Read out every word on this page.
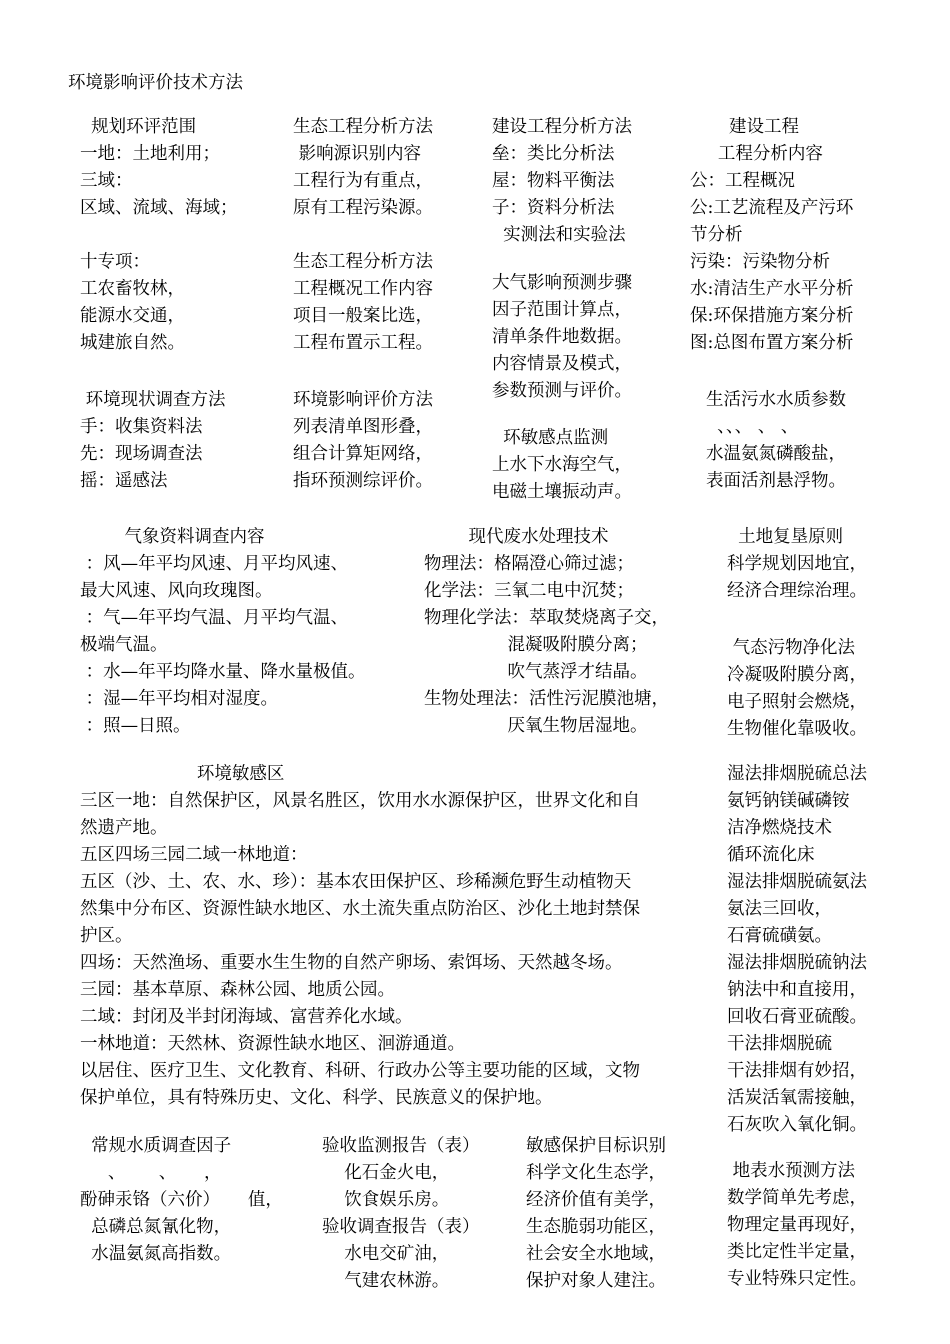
环境影响评价技术方法
规划环评范围
一地：土地利用；
三域：
区域、流域、海域；
十专项：
工农畜牧林，
能源水交通，
城建旅自然。
环境现状调查方法
手：收集资料法
先：现场调查法
摇：遥感法
生态工程分析方法
影响源识别内容
工程行为有重点，
原有工程污染源。
生态工程分析方法
工程概况工作内容
项目一般案比选，
工程布置示工程。
环境影响评价方法
列表清单图形叠，
组合计算矩网络，
指环预测综评价。
建设工程分析方法
垒：类比分析法
屋：物料平衡法
子：资料分析法
实测法和实验法
大气影响预测步骤
因子范围计算点，
清单条件地数据。
内容情景及模式，
参数预测与评价。
环敏感点监测
上水下水海空气，
电磁土壤振动声。
建设工程
工程分析内容
公：工程概况
公:工艺流程及产污环
节分析
污染：污染物分析
水:清洁生产水平分析
保:环保措施方案分析
图:总图布置方案分析
生活污水水质参数
、、、 、 、
水温氨氮磷酸盐，
表面活剂悬浮物。
气象资料调查内容
：风—年平均风速、月平均风速、
最大风速、风向玫瑰图。
：气—年平均气温、月平均气温、
极端气温。
：水—年平均降水量、降水量极值。
：湿—年平均相对湿度。
：照—日照。
现代废水处理技术
物理法：格隔澄心筛过滤；
化学法：三氧二电中沉焚；
物理化学法：萃取焚烧离子交，
混凝吸附膜分离；
吹气蒸浮才结晶。
生物处理法：活性污泥膜池塘，
厌氧生物居湿地。
土地复垦原则
科学规划因地宜，
经济合理综治理。
气态污物净化法
冷凝吸附膜分离，
电子照射会燃烧，
生物催化靠吸收。
环境敏感区
三区一地：自然保护区，风景名胜区，饮用水水源保护区，世界文化和自
然遗产地。
五区四场三园二域一林地道：
五区（沙、土、农、水、珍）：基本农田保护区、珍稀濒危野生动植物天
然集中分布区、资源性缺水地区、水土流失重点防治区、沙化土地封禁保
护区。
四场：天然渔场、重要水生生物的自然产卵场、索饵场、天然越冬场。
三园：基本草原、森林公园、地质公园。
二域：封闭及半封闭海域、富营养化水域。
一林地道：天然林、资源性缺水地区、洄游通道。
以居住、医疗卫生、文化教育、科研、行政办公等主要功能的区域，文物
保护单位，具有特殊历史、文化、科学、民族意义的保护地。
湿法排烟脱硫总法
氨钙钠镁碱磷铵
洁净燃烧技术
循环流化床
湿法排烟脱硫氨法
氨法三回收，
石膏硫磺氨。
湿法排烟脱硫钠法
钠法中和直接用，
回收石膏亚硫酸。
干法排烟脱硫
干法排烟有妙招，
活炭活氧需接触，
石灰吹入氧化铜。
常规水质调查因子
、      、     ，
酚砷汞铬（六价）     值，
总磷总氮氰化物，
水温氨氮高指数。
验收监测报告（表）
化石金火电，
饮食娱乐房。
验收调查报告（表）
水电交矿油，
气建农林游。
敏感保护目标识别
科学文化生态学，
经济价值有美学，
生态脆弱功能区，
社会安全水地域，
保护对象人建注。
地表水预测方法
数学简单先考虑，
物理定量再现好，
类比定性半定量，
专业特殊只定性。
